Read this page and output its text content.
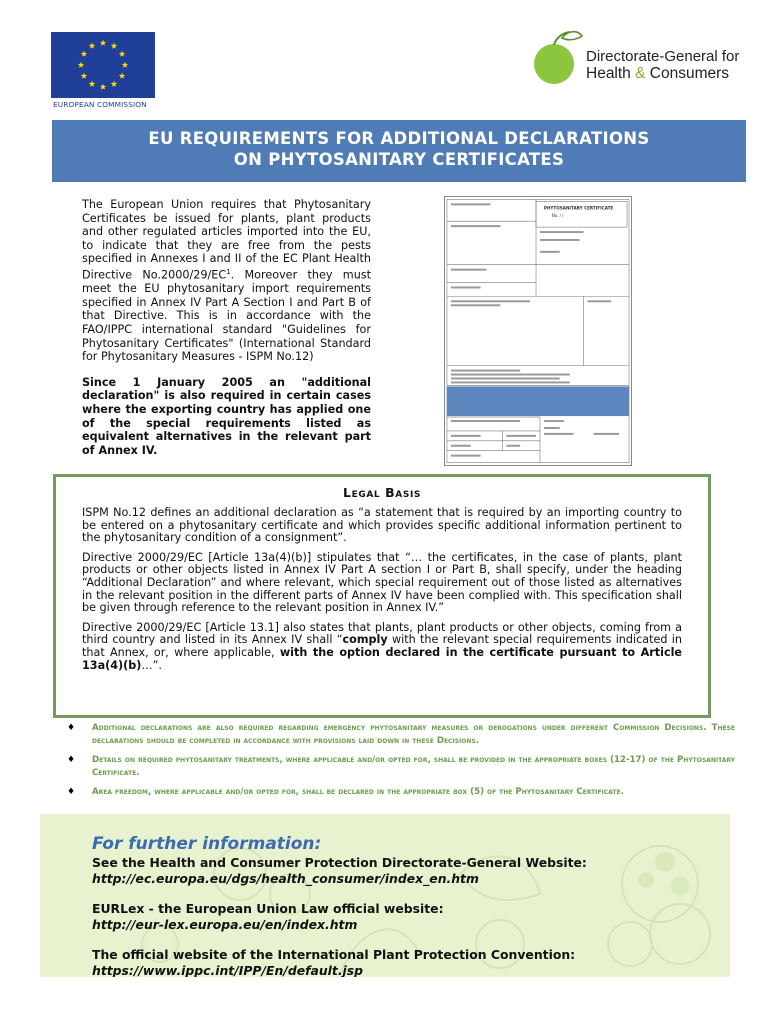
EUROPEAN COMMISSION
Directorate-General for
Health & Consumers
EU REQUIREMENTS FOR ADDITIONAL DECLARATIONS
ON PHYTOSANITARY CERTIFICATES

The European Union requires that Phytosanitary Certificates be issued for plants, plant products and other regulated articles imported into the EU, to indicate that they are free from the pests specified in Annexes I and II of the EC Plant Health Directive $No.2000/29/EC^1$. Moreover they must meet the EU phytosanitary import requirements specified in Annex IV Part A Section I and Part B of that Directive. This is in accordance with the FAO/IPPC international standard "Guidelines for Phytosanitary Certificates" (International Standard for Phytosanitary Measures - ISPM No.12)

Since 1 January 2005 an "additional declaration" is also required in certain cases where the exporting country has applied one of the special requirements listed as equivalent alternatives in the relevant part of Annex IV.

PHYTOSANITARY CERTIFICATE
No. / /
Legal Basis

ISPM No.12 defines an additional declaration as “a statement that is required by an importing country to be entered on a phytosanitary certificate and which provides specific additional information pertinent to the phytosanitary condition of a consignment”.

Directive 2000/29/EC [Article 13a(4)(b)] stipulates that “… the certificates, in the case of plants, plant products or other objects listed in Annex IV Part A section I or Part B, shall specify, under the heading “Additional Declaration” and where relevant, which special requirement out of those listed as alternatives in the relevant position in the different parts of Annex IV have been complied with. This specification shall be given through reference to the relevant position in Annex IV.”

Directive 2000/29/EC [Article 13.1] also states that plants, plant products or other objects, coming from a third country and listed in its Annex IV shall “comply with the relevant special requirements indicated in that Annex, or, where applicable, with the option declared in the certificate pursuant to Article 13a(4)(b)…”.

For further information:
See the Health and Consumer Protection Directorate-General Website:
http://ec.europa.eu/dgs/health_consumer/index_en.htm
EURLex - the European Union Law official website:
http://eur-lex.europa.eu/en/index.htm
The official website of the International Plant Protection Convention:
https://www.ippc.int/IPP/En/default.jsp
♦ Additional declarations are also required regarding emergency phytosanitary measures or derogations under different Commission Decisions. These declarations should be completed in accordance with provisions laid down in these Decisions.
♦ Details on required phytosanitary treatments, where applicable and/or opted for, shall be provided in the appropriate boxes (12-17) of the Phytosanitary Certificate.
♦ Area freedom, where applicable and/or opted for, shall be declared in the appropriate box (5) of the Phytosanitary Certificate.
